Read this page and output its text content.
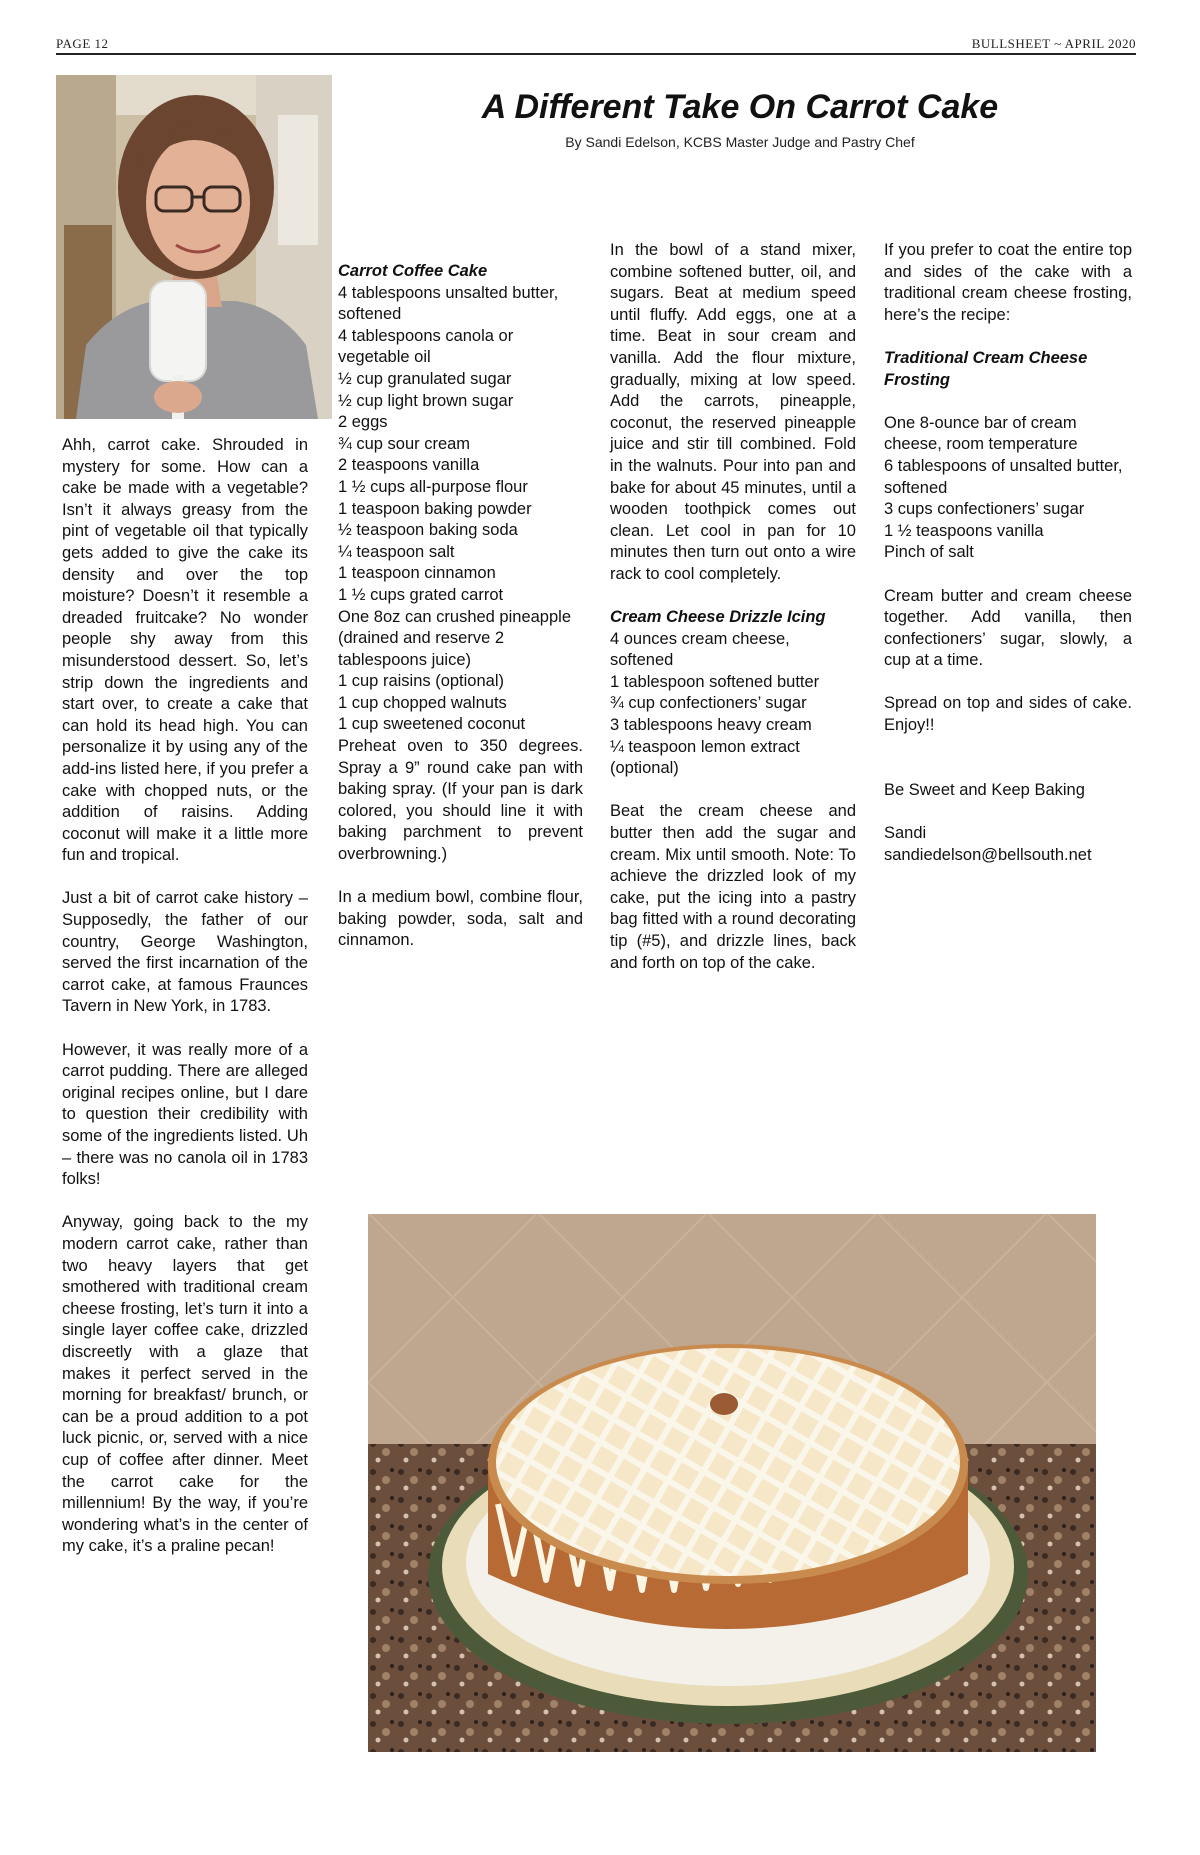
PAGE 12	BULLSHEET ~ APRIL 2020
A Different Take On Carrot Cake
By Sandi Edelson, KCBS Master Judge and Pastry Chef

Ahh, carrot cake. Shrouded in mystery for some. How can a cake be made with a vegetable? Isn’t it always greasy from the pint of vegetable oil that typically gets added to give the cake its density and over the top moisture? Doesn’t it resemble a dreaded fruitcake? No wonder people shy away from this misunderstood dessert. So, let’s strip down the ingredients and start over, to create a cake that can hold its head high. You can personalize it by using any of the add-ins listed here, if you prefer a cake with chopped nuts, or the addition of raisins. Adding coconut will make it a little more fun and tropical.

Just a bit of carrot cake history – Supposedly, the father of our country, George Washington, served the first incarnation of the carrot cake, at famous Fraunces Tavern in New York, in 1783.

However, it was really more of a carrot pudding. There are alleged original recipes online, but I dare to question their credibility with some of the ingredients listed. Uh – there was no canola oil in 1783 folks!

Anyway, going back to the my modern carrot cake, rather than two heavy layers that get smothered with traditional cream cheese frosting, let’s turn it into a single layer coffee cake, drizzled discreetly with a glaze that makes it perfect served in the morning for breakfast/ brunch, or can be a proud addition to a pot luck picnic, or, served with a nice cup of coffee after dinner. Meet the carrot cake for the millennium! By the way, if you’re wondering what’s in the center of my cake, it’s a praline pecan!

Carrot Coffee Cake
4 tablespoons unsalted butter, softened
4 tablespoons canola or vegetable oil
½ cup granulated sugar
½ cup light brown sugar
2 eggs
¾ cup sour cream
2 teaspoons vanilla
1 ½ cups all-purpose flour
1 teaspoon baking powder
½ teaspoon baking soda
¼ teaspoon salt
1 teaspoon cinnamon
1 ½ cups grated carrot
One 8oz can crushed pineapple (drained and reserve 2 tablespoons juice)
1 cup raisins (optional)
1 cup chopped walnuts
1 cup sweetened coconut

Preheat oven to 350 degrees. Spray a 9” round cake pan with baking spray. (If your pan is dark colored, you should line it with baking parchment to prevent overbrowning.)

In a medium bowl, combine flour, baking powder, soda, salt and cinnamon.

In the bowl of a stand mixer, combine softened butter, oil, and sugars. Beat at medium speed until fluffy. Add eggs, one at a time. Beat in sour cream and vanilla. Add the flour mixture, gradually, mixing at low speed. Add the carrots, pineapple, coconut, the reserved pineapple juice and stir till combined. Fold in the walnuts. Pour into pan and bake for about 45 minutes, until a wooden toothpick comes out clean. Let cool in pan for 10 minutes then turn out onto a wire rack to cool completely.

Cream Cheese Drizzle Icing
4 ounces cream cheese, softened
1 tablespoon softened butter
¾ cup confectioners’ sugar
3 tablespoons heavy cream
¼ teaspoon lemon extract (optional)

Beat the cream cheese and butter then add the sugar and cream. Mix until smooth. Note: To achieve the drizzled look of my cake, put the icing into a pastry bag fitted with a round decorating tip (#5), and drizzle lines, back and forth on top of the cake.

If you prefer to coat the entire top and sides of the cake with a traditional cream cheese frosting, here’s the recipe:

Traditional Cream Cheese Frosting
One 8-ounce bar of cream cheese, room temperature
6 tablespoons of unsalted butter, softened
3 cups confectioners’ sugar
1 ½ teaspoons vanilla
Pinch of salt

Cream butter and cream cheese together. Add vanilla, then confectioners’ sugar, slowly, a cup at a time.

Spread on top and sides of cake. Enjoy!!

Be Sweet and Keep Baking
Sandi
sandiedelson@bellsouth.net
